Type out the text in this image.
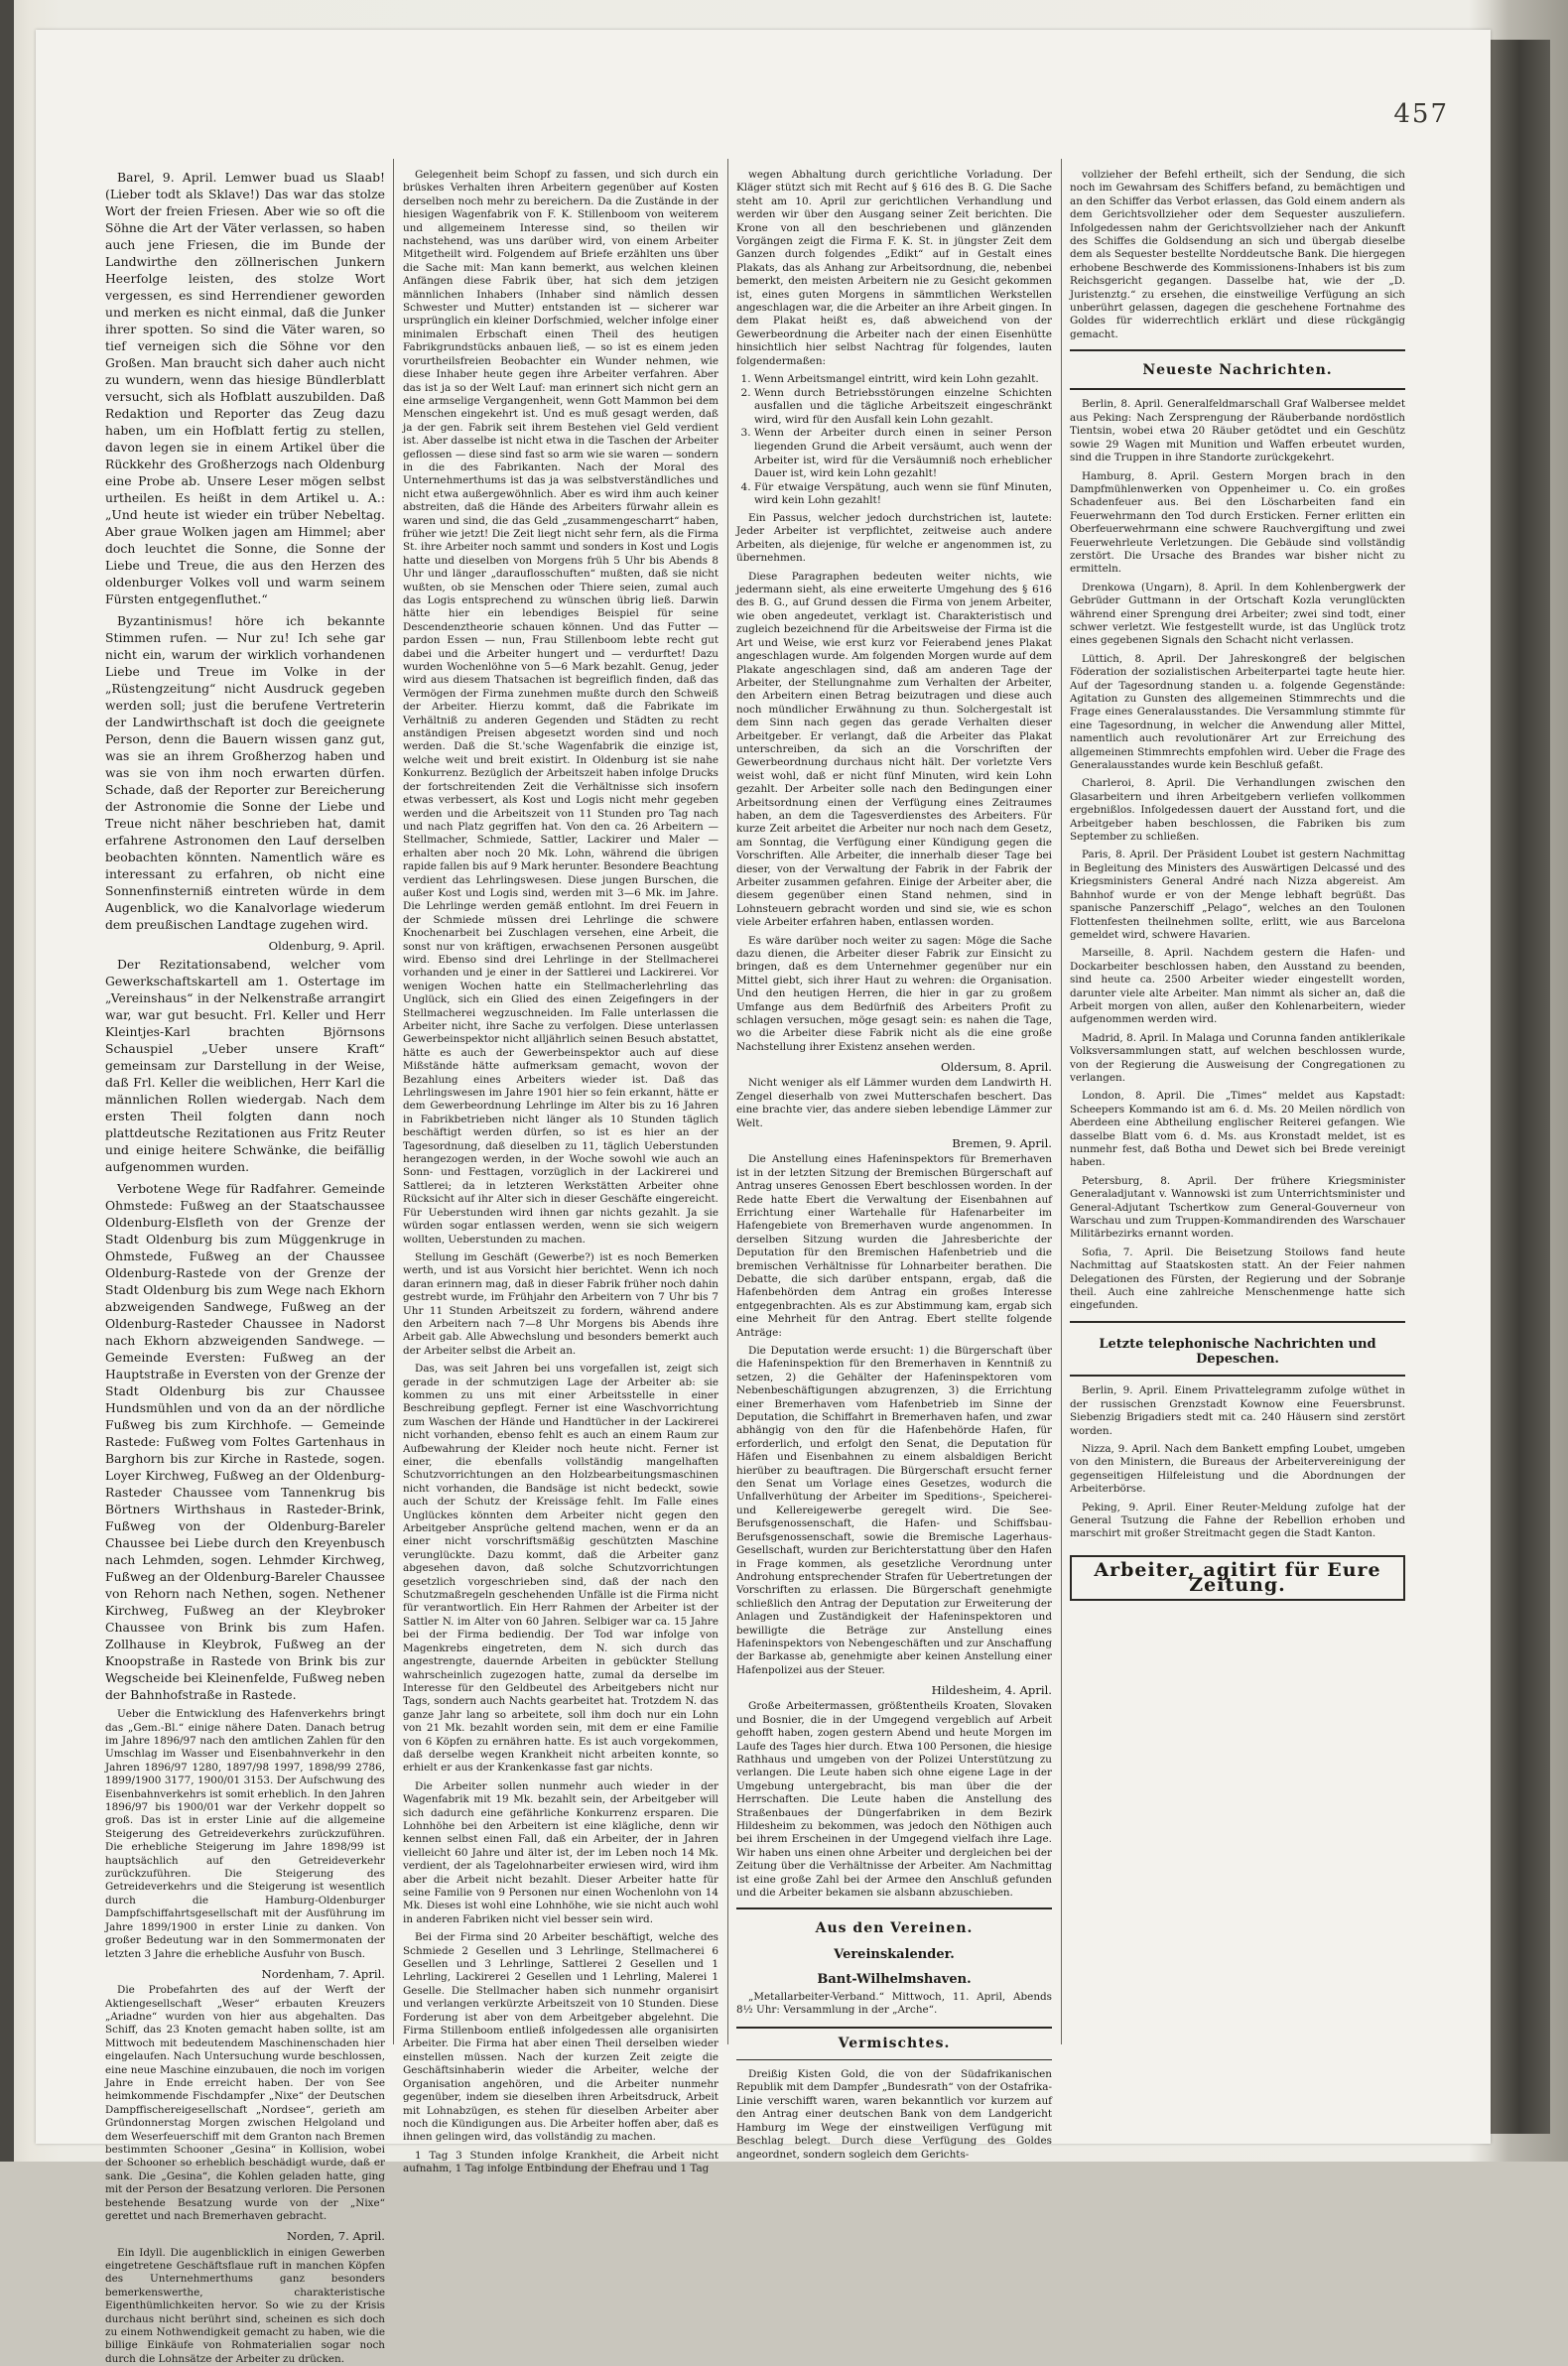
457

Barel, 9. April. Lemwer buad us Slaab! (Lieber todt als Sklave!) Das war das stolze Wort der freien Friesen. Aber wie so oft die Söhne die Art der Väter verlassen, so haben auch jene Friesen, die im Bunde der Landwirthe den zöllnerischen Junkern Heerfolge leisten, des stolze Wort vergessen, es sind Herrendiener geworden und merken es nicht einmal, daß die Junker ihrer spotten. So sind die Väter waren, so tief verneigen sich die Söhne vor den Großen. Man braucht sich daher auch nicht zu wundern, wenn das hiesige Bündlerblatt versucht, sich als Hofblatt auszubilden. Daß Redaktion und Reporter das Zeug dazu haben, um ein Hofblatt fertig zu stellen, davon legen sie in einem Artikel über die Rückkehr des Großherzogs nach Oldenburg eine Probe ab. Unsere Leser mögen selbst urtheilen. Es heißt in dem Artikel u. A.: „Und heute ist wieder ein trüber Nebeltag. Aber graue Wolken jagen am Himmel; aber doch leuchtet die Sonne, die Sonne der Liebe und Treue, die aus den Herzen des oldenburger Volkes voll und warm seinem Fürsten entgegenfluthet.“

Byzantinismus! höre ich bekannte Stimmen rufen. — Nur zu! Ich sehe gar nicht ein, warum der wirklich vorhandenen Liebe und Treue im Volke in der „Rüstengzeitung“ nicht Ausdruck gegeben werden soll; just die berufene Vertreterin der Landwirthschaft ist doch die geeignete Person, denn die Bauern wissen ganz gut, was sie an ihrem Großherzog haben und was sie von ihm noch erwarten dürfen. Schade, daß der Reporter zur Bereicherung der Astronomie die Sonne der Liebe und Treue nicht näher beschrieben hat, damit erfahrene Astronomen den Lauf derselben beobachten könnten. Namentlich wäre es interessant zu erfahren, ob nicht eine Sonnenfinsterniß eintreten würde in dem Augenblick, wo die Kanalvorlage wiederum dem preußischen Landtage zugehen wird.

Oldenburg, 9. April.

Der Rezitationsabend, welcher vom Gewerkschaftskartell am 1. Ostertage im „Vereinshaus“ in der Nelkenstraße arrangirt war, war gut besucht. Frl. Keller und Herr Kleintjes-Karl brachten Björnsons Schauspiel „Ueber unsere Kraft“ gemeinsam zur Darstellung in der Weise, daß Frl. Keller die weiblichen, Herr Karl die männlichen Rollen wiedergab. Nach dem ersten Theil folgten dann noch plattdeutsche Rezitationen aus Fritz Reuter und einige heitere Schwänke, die beifällig aufgenommen wurden.

Verbotene Wege für Radfahrer. Gemeinde Ohmstede: Fußweg an der Staatschaussee Oldenburg-Elsfleth von der Grenze der Stadt Oldenburg bis zum Müggenkruge in Ohmstede, Fußweg an der Chaussee Oldenburg-Rastede von der Grenze der Stadt Oldenburg bis zum Wege nach Ekhorn abzweigenden Sandwege, Fußweg an der Oldenburg-Rasteder Chaussee in Nadorst nach Ekhorn abzweigenden Sandwege. — Gemeinde Eversten: Fußweg an der Hauptstraße in Eversten von der Grenze der Stadt Oldenburg bis zur Chaussee Hundsmühlen und von da an der nördliche Fußweg bis zum Kirchhofe. — Gemeinde Rastede: Fußweg vom Foltes Gartenhaus in Barghorn bis zur Kirche in Rastede, sogen. Loyer Kirchweg, Fußweg an der Oldenburg-Rasteder Chaussee vom Tannenkrug bis Börtners Wirthshaus in Rasteder-Brink, Fußweg von der Oldenburg-Bareler Chaussee bei Liebe durch den Kreyenbusch nach Lehmden, sogen. Lehmder Kirchweg, Fußweg an der Oldenburg-Bareler Chaussee von Rehorn nach Nethen, sogen. Nethener Kirchweg, Fußweg an der Kleybroker Chaussee von Brink bis zum Hafen. Zollhause in Kleybrok, Fußweg an der Knoopstraße in Rastede von Brink bis zur Wegscheide bei Kleinenfelde, Fußweg neben der Bahnhofstraße in Rastede.

Ueber die Entwicklung des Hafenverkehrs bringt das „Gem.-Bl.“ einige nähere Daten. Danach betrug im Jahre 1896/97 nach den amtlichen Zahlen für den Umschlag im Wasser und Eisenbahnverkehr in den Jahren 1896/97 1280, 1897/98 1997, 1898/99 2786, 1899/1900 3177, 1900/01 3153. Der Aufschwung des Eisenbahnverkehrs ist somit erheblich. In den Jahren 1896/97 bis 1900/01 war der Verkehr doppelt so groß. Das ist in erster Linie auf die allgemeine Steigerung des Getreideverkehrs zurückzuführen. Die erhebliche Steigerung im Jahre 1898/99 ist hauptsächlich auf den Getreideverkehr zurückzuführen. Die Steigerung des Getreideverkehrs und die Steigerung ist wesentlich durch die Hamburg-Oldenburger Dampfschiffahrtsgesellschaft mit der Ausführung im Jahre 1899/1900 in erster Linie zu danken. Von großer Bedeutung war in den Sommermonaten der letzten 3 Jahre die erhebliche Ausfuhr von Busch.

Nordenham, 7. April.

Die Probefahrten des auf der Werft der Aktiengesellschaft „Weser“ erbauten Kreuzers „Ariadne“ wurden von hier aus abgehalten. Das Schiff, das 23 Knoten gemacht haben sollte, ist am Mittwoch mit bedeutendem Maschinenschaden hier eingelaufen. Nach Untersuchung wurde beschlossen, eine neue Maschine einzubauen, die noch im vorigen Jahre in Ende erreicht haben. Der von See heimkommende Fischdampfer „Nixe“ der Deutschen Dampffischereigesellschaft „Nordsee“, gerieth am Gründonnerstag Morgen zwischen Helgoland und dem Weserfeuerschiff mit dem Granton nach Bremen bestimmten Schooner „Gesina“ in Kollision, wobei der Schooner so erheblich beschädigt wurde, daß er sank. Die „Gesina“, die Kohlen geladen hatte, ging mit der Person der Besatzung verloren. Die Personen bestehende Besatzung wurde von der „Nixe“ gerettet und nach Bremerhaven gebracht.

Norden, 7. April.

Ein Idyll. Die augenblicklich in einigen Gewerben eingetretene Geschäftsflaue ruft in manchen Köpfen des Unternehmerthums ganz besonders bemerkenswerthe, charakteristische Eigenthümlichkeiten hervor. So wie zu der Krisis durchaus nicht berührt sind, scheinen es sich doch zu einem Nothwendigkeit gemacht zu haben, wie die billige Einkäufe von Rohmaterialien sogar noch durch die Lohnsätze der Arbeiter zu drücken.

Gelegenheit beim Schopf zu fassen, und sich durch ein brüskes Verhalten ihren Arbeitern gegenüber auf Kosten derselben noch mehr zu bereichern. Da die Zustände in der hiesigen Wagenfabrik von F. K. Stillenboom von weiterem und allgemeinem Interesse sind, so theilen wir nachstehend, was uns darüber wird, von einem Arbeiter Mitgetheilt wird. Folgendem auf Briefe erzählten uns über die Sache mit: Man kann bemerkt, aus welchen kleinen Anfängen diese Fabrik über, hat sich dem jetzigen männlichen Inhabers (Inhaber sind nämlich dessen Schwester und Mutter) entstanden ist — sicherer war ursprünglich ein kleiner Dorfschmied, welcher infolge einer minimalen Erbschaft einen Theil des heutigen Fabrikgrundstücks anbauen ließ, — so ist es einem jeden vorurtheilsfreien Beobachter ein Wunder nehmen, wie diese Inhaber heute gegen ihre Arbeiter verfahren. Aber das ist ja so der Welt Lauf: man erinnert sich nicht gern an eine armselige Vergangenheit, wenn Gott Mammon bei dem Menschen eingekehrt ist. Und es muß gesagt werden, daß ja der gen. Fabrik seit ihrem Bestehen viel Geld verdient ist. Aber dasselbe ist nicht etwa in die Taschen der Arbeiter geflossen — diese sind fast so arm wie sie waren — sondern in die des Fabrikanten. Nach der Moral des Unternehmerthums ist das ja was selbstverständliches und nicht etwa außergewöhnlich. Aber es wird ihm auch keiner abstreiten, daß die Hände des Arbeiters fürwahr allein es waren und sind, die das Geld „zusammengescharrt“ haben, früher wie jetzt! Die Zeit liegt nicht sehr fern, als die Firma St. ihre Arbeiter noch sammt und sonders in Kost und Logis hatte und dieselben von Morgens früh 5 Uhr bis Abends 8 Uhr und länger „darauflosschuften“ mußten, daß sie nicht wußten, ob sie Menschen oder Thiere seien, zumal auch das Logis entsprechend zu wünschen übrig ließ. Darwin hätte hier ein lebendiges Beispiel für seine Descendenztheorie schauen können. Und das Futter — pardon Essen — nun, Frau Stillenboom lebte recht gut dabei und die Arbeiter hungert und — verdurftet! Dazu wurden Wochenlöhne von 5—6 Mark bezahlt. Genug, jeder wird aus diesem Thatsachen ist begreiflich finden, daß das Vermögen der Firma zunehmen mußte durch den Schweiß der Arbeiter. Hierzu kommt, daß die Fabrikate im Verhältniß zu anderen Gegenden und Städten zu recht anständigen Preisen abgesetzt worden sind und noch werden. Daß die St.'sche Wagenfabrik die einzige ist, welche weit und breit existirt. In Oldenburg ist sie nahe Konkurrenz. Bezüglich der Arbeitszeit haben infolge Drucks der fortschreitenden Zeit die Verhältnisse sich insofern etwas verbessert, als Kost und Logis nicht mehr gegeben werden und die Arbeitszeit von 11 Stunden pro Tag nach und nach Platz gegriffen hat. Von den ca. 26 Arbeitern — Stellmacher, Schmiede, Sattler, Lackirer und Maler — erhalten aber noch 20 Mk. Lohn, während die übrigen rapide fallen bis auf 9 Mark herunter. Besondere Beachtung verdient das Lehrlingswesen. Diese jungen Burschen, die außer Kost und Logis sind, werden mit 3—6 Mk. im Jahre. Die Lehrlinge werden gemäß entlohnt. Im drei Feuern in der Schmiede müssen drei Lehrlinge die schwere Knochenarbeit bei Zuschlagen versehen, eine Arbeit, die sonst nur von kräftigen, erwachsenen Personen ausgeübt wird. Ebenso sind drei Lehrlinge in der Stellmacherei vorhanden und je einer in der Sattlerei und Lackirerei. Vor wenigen Wochen hatte ein Stellmacherlehrling das Unglück, sich ein Glied des einen Zeigefingers in der Stellmacherei wegzuschneiden. Im Falle unterlassen die Arbeiter nicht, ihre Sache zu verfolgen. Diese unterlassen Gewerbeinspektor nicht alljährlich seinen Besuch abstattet, hätte es auch der Gewerbeinspektor auch auf diese Mißstände hätte aufmerksam gemacht, wovon der Bezahlung eines Arbeiters wieder ist. Daß das Lehrlingswesen im Jahre 1901 hier so fein erkannt, hätte er dem Gewerbeordnung Lehrlinge im Alter bis zu 16 Jahren in Fabrikbetrieben nicht länger als 10 Stunden täglich beschäftigt werden dürfen, so ist es hier an der Tagesordnung, daß dieselben zu 11, täglich Ueberstunden herangezogen werden, in der Woche sowohl wie auch an Sonn- und Festtagen, vorzüglich in der Lackirerei und Sattlerei; da in letzteren Werkstätten Arbeiter ohne Rücksicht auf ihr Alter sich in dieser Geschäfte eingereicht. Für Ueberstunden wird ihnen gar nichts gezahlt. Ja sie würden sogar entlassen werden, wenn sie sich weigern wollten, Ueberstunden zu machen.

Stellung im Geschäft (Gewerbe?) ist es noch Bemerken werth, und ist aus Vorsicht hier berichtet. Wenn ich noch daran erinnern mag, daß in dieser Fabrik früher noch dahin gestrebt wurde, im Frühjahr den Arbeitern von 7 Uhr bis 7 Uhr 11 Stunden Arbeitszeit zu fordern, während andere den Arbeitern nach 7—8 Uhr Morgens bis Abends ihre Arbeit gab. Alle Abwechslung und besonders bemerkt auch der Arbeiter selbst die Arbeit an.

Das, was seit Jahren bei uns vorgefallen ist, zeigt sich gerade in der schmutzigen Lage der Arbeiter ab: sie kommen zu uns mit einer Arbeitsstelle in einer Beschreibung gepflegt. Ferner ist eine Waschvorrichtung zum Waschen der Hände und Handtücher in der Lackirerei nicht vorhanden, ebenso fehlt es auch an einem Raum zur Aufbewahrung der Kleider noch heute nicht. Ferner ist einer, die ebenfalls vollständig mangelhaften Schutzvorrichtungen an den Holzbearbeitungsmaschinen nicht vorhanden, die Bandsäge ist nicht bedeckt, sowie auch der Schutz der Kreissäge fehlt. Im Falle eines Unglückes könnten dem Arbeiter nicht gegen den Arbeitgeber Ansprüche geltend machen, wenn er da an einer nicht vorschriftsmäßig geschützten Maschine verunglückte. Dazu kommt, daß die Arbeiter ganz abgesehen davon, daß solche Schutzvorrichtungen gesetzlich vorgeschrieben sind, daß der nach den Schutzmaßregeln geschehenden Unfälle ist die Firma nicht für verantwortlich. Ein Herr Rahmen der Arbeiter ist der Sattler N. im Alter von 60 Jahren. Selbiger war ca. 15 Jahre bei der Firma bediendig. Der Tod war infolge von Magenkrebs eingetreten, dem N. sich durch das angestrengte, dauernde Arbeiten in gebückter Stellung wahrscheinlich zugezogen hatte, zumal da derselbe im Interesse für den Geldbeutel des Arbeitgebers nicht nur Tags, sondern auch Nachts gearbeitet hat. Trotzdem N. das ganze Jahr lang so arbeitete, soll ihm doch nur ein Lohn von 21 Mk. bezahlt worden sein, mit dem er eine Familie von 6 Köpfen zu ernähren hatte. Es ist auch vorgekommen, daß derselbe wegen Krankheit nicht arbeiten konnte, so erhielt er aus der Krankenkasse fast gar nichts.

Die Arbeiter sollen nunmehr auch wieder in der Wagenfabrik mit 19 Mk. bezahlt sein, der Arbeitgeber will sich dadurch eine gefährliche Konkurrenz ersparen. Die Lohnhöhe bei den Arbeitern ist eine klägliche, denn wir kennen selbst einen Fall, daß ein Arbeiter, der in Jahren vielleicht 60 Jahre und älter ist, der im Leben noch 14 Mk. verdient, der als Tagelohnarbeiter erwiesen wird, wird ihm aber die Arbeit nicht bezahlt. Dieser Arbeiter hatte für seine Familie von 9 Personen nur einen Wochenlohn von 14 Mk. Dieses ist wohl eine Lohnhöhe, wie sie nicht auch wohl in anderen Fabriken nicht viel besser sein wird.

Bei der Firma sind 20 Arbeiter beschäftigt, welche des Schmiede 2 Gesellen und 3 Lehrlinge, Stellmacherei 6 Gesellen und 3 Lehrlinge, Sattlerei 2 Gesellen und 1 Lehrling, Lackirerei 2 Gesellen und 1 Lehrling, Malerei 1 Geselle. Die Stellmacher haben sich nunmehr organisirt und verlangen verkürzte Arbeitszeit von 10 Stunden. Diese Forderung ist aber von dem Arbeitgeber abgelehnt. Die Firma Stillenboom entließ infolgedessen alle organisirten Arbeiter. Die Firma hat aber einen Theil derselben wieder einstellen müssen. Nach der kurzen Zeit zeigte die Geschäftsinhaberin wieder die Arbeiter, welche der Organisation angehören, und die Arbeiter nunmehr gegenüber, indem sie dieselben ihren Arbeitsdruck, Arbeit mit Lohnabzügen, es stehen für dieselben Arbeiter aber noch die Kündigungen aus. Die Arbeiter hoffen aber, daß es ihnen gelingen wird, das vollständig zu machen.

1 Tag 3 Stunden infolge Krankheit, die Arbeit nicht aufnahm, 1 Tag infolge Entbindung der Ehefrau und 1 Tag

wegen Abhaltung durch gerichtliche Vorladung. Der Kläger stützt sich mit Recht auf § 616 des B. G. Die Sache steht am 10. April zur gerichtlichen Verhandlung und werden wir über den Ausgang seiner Zeit berichten. Die Krone von all den beschriebenen und glänzenden Vorgängen zeigt die Firma F. K. St. in jüngster Zeit dem Ganzen durch folgendes „Edikt“ auf in Gestalt eines Plakats, das als Anhang zur Arbeitsordnung, die, nebenbei bemerkt, den meisten Arbeitern nie zu Gesicht gekommen ist, eines guten Morgens in sämmtlichen Werkstellen angeschlagen war, die die Arbeiter an ihre Arbeit gingen. In dem Plakat heißt es, daß abweichend von der Gewerbeordnung die Arbeiter nach der einen Eisenhütte hinsichtlich hier selbst Nachtrag für folgendes, lauten folgendermaßen:

1. Wenn Arbeitsmangel eintritt, wird kein Lohn gezahlt.
2. Wenn durch Betriebsstörungen einzelne Schichten ausfallen und die tägliche Arbeitszeit eingeschränkt wird, wird für den Ausfall kein Lohn gezahlt.
3. Wenn der Arbeiter durch einen in seiner Person liegenden Grund die Arbeit versäumt, auch wenn der Arbeiter ist, wird für die Versäumniß noch erheblicher Dauer ist, wird kein Lohn gezahlt!
4. Für etwaige Verspätung, auch wenn sie fünf Minuten, wird kein Lohn gezahlt!

Ein Passus, welcher jedoch durchstrichen ist, lautete: Jeder Arbeiter ist verpflichtet, zeitweise auch andere Arbeiten, als diejenige, für welche er angenommen ist, zu übernehmen.

Diese Paragraphen bedeuten weiter nichts, wie jedermann sieht, als eine erweiterte Umgehung des § 616 des B. G., auf Grund dessen die Firma von jenem Arbeiter, wie oben angedeutet, verklagt ist. Charakteristisch und zugleich bezeichnend für die Arbeitsweise der Firma ist die Art und Weise, wie erst kurz vor Feierabend jenes Plakat angeschlagen wurde. Am folgenden Morgen wurde auf dem Plakate angeschlagen sind, daß am anderen Tage der Arbeiter, der Stellungnahme zum Verhalten der Arbeiter, den Arbeitern einen Betrag beizutragen und diese auch noch mündlicher Erwähnung zu thun. Solchergestalt ist dem Sinn nach gegen das gerade Verhalten dieser Arbeitgeber. Er verlangt, daß die Arbeiter das Plakat unterschreiben, da sich an die Vorschriften der Gewerbeordnung durchaus nicht hält. Der vorletzte Vers weist wohl, daß er nicht fünf Minuten, wird kein Lohn gezahlt. Der Arbeiter solle nach den Bedingungen einer Arbeitsordnung einen der Verfügung eines Zeitraumes haben, an dem die Tagesverdienstes des Arbeiters. Für kurze Zeit arbeitet die Arbeiter nur noch nach dem Gesetz, am Sonntag, die Verfügung einer Kündigung gegen die Vorschriften. Alle Arbeiter, die innerhalb dieser Tage bei dieser, von der Verwaltung der Fabrik in der Fabrik der Arbeiter zusammen gefahren. Einige der Arbeiter aber, die diesem gegenüber einen Stand nehmen, sind in Lohnsteuern gebracht worden und sind sie, wie es schon viele Arbeiter erfahren haben, entlassen worden.

Es wäre darüber noch weiter zu sagen: Möge die Sache dazu dienen, die Arbeiter dieser Fabrik zur Einsicht zu bringen, daß es dem Unternehmer gegenüber nur ein Mittel giebt, sich ihrer Haut zu wehren: die Organisation. Und den heutigen Herren, die hier in gar zu großem Umfange aus dem Bedürfniß des Arbeiters Profit zu schlagen versuchen, möge gesagt sein: es nahen die Tage, wo die Arbeiter diese Fabrik nicht als die eine große Nachstellung ihrer Existenz ansehen werden.

Oldersum, 8. April.

Nicht weniger als elf Lämmer wurden dem Landwirth H. Zengel dieserhalb von zwei Mutterschafen beschert. Das eine brachte vier, das andere sieben lebendige Lämmer zur Welt.

Bremen, 9. April.

Die Anstellung eines Hafeninspektors für Bremerhaven ist in der letzten Sitzung der Bremischen Bürgerschaft auf Antrag unseres Genossen Ebert beschlossen worden. In der Rede hatte Ebert die Verwaltung der Eisenbahnen auf Errichtung einer Wartehalle für Hafenarbeiter im Hafengebiete von Bremerhaven wurde angenommen. In derselben Sitzung wurden die Jahresberichte der Deputation für den Bremischen Hafenbetrieb und die bremischen Verhältnisse für Lohnarbeiter berathen. Die Debatte, die sich darüber entspann, ergab, daß die Hafenbehörden dem Antrag ein großes Interesse entgegenbrachten. Als es zur Abstimmung kam, ergab sich eine Mehrheit für den Antrag. Ebert stellte folgende Anträge:

Die Deputation werde ersucht: 1) die Bürgerschaft über die Hafeninspektion für den Bremerhaven in Kenntniß zu setzen, 2) die Gehälter der Hafeninspektoren vom Nebenbeschäftigungen abzugrenzen, 3) die Errichtung einer Bremerhaven vom Hafenbetrieb im Sinne der Deputation, die Schiffahrt in Bremerhaven hafen, und zwar abhängig von den für die Hafenbehörde Hafen, für erforderlich, und erfolgt den Senat, die Deputation für Häfen und Eisenbahnen zu einem alsbaldigen Bericht hierüber zu beauftragen. Die Bürgerschaft ersucht ferner den Senat um Vorlage eines Gesetzes, wodurch die Unfallverhütung der Arbeiter im Speditions-, Speicherei- und Kellereigewerbe geregelt wird. Die See-Berufsgenossenschaft, die Hafen- und Schiffsbau-Berufsgenossenschaft, sowie die Bremische Lagerhaus-Gesellschaft, wurden zur Berichterstattung über den Hafen in Frage kommen, als gesetzliche Verordnung unter Androhung entsprechender Strafen für Uebertretungen der Vorschriften zu erlassen. Die Bürgerschaft genehmigte schließlich den Antrag der Deputation zur Erweiterung der Anlagen und Zuständigkeit der Hafeninspektoren und bewilligte die Beträge zur Anstellung eines Hafeninspektors von Nebengeschäften und zur Anschaffung der Barkasse ab, genehmigte aber keinen Anstellung einer Hafenpolizei aus der Steuer.

Hildesheim, 4. April.

Große Arbeitermassen, größtentheils Kroaten, Slovaken und Bosnier, die in der Umgegend vergeblich auf Arbeit gehofft haben, zogen gestern Abend und heute Morgen im Laufe des Tages hier durch. Etwa 100 Personen, die hiesige Rathhaus und umgeben von der Polizei Unterstützung zu verlangen. Die Leute haben sich ohne eigene Lage in der Umgebung untergebracht, bis man über die der Herrschaften. Die Leute haben die Anstellung des Straßenbaues der Düngerfabriken in dem Bezirk Hildesheim zu bekommen, was jedoch den Nöthigen auch bei ihrem Erscheinen in der Umgegend vielfach ihre Lage. Wir haben uns einen ohne Arbeiter und dergleichen bei der Zeitung über die Verhältnisse der Arbeiter. Am Nachmittag ist eine große Zahl bei der Armee den Anschluß gefunden und die Arbeiter bekamen sie alsbann abzuschieben.

Aus den Vereinen.
Vereinskalender.
Bant-Wilhelmshaven.

„Metallarbeiter-Verband.“ Mittwoch, 11. April, Abends 8½ Uhr: Versammlung in der „Arche“.

Vermischtes.

Dreißig Kisten Gold, die von der Südafrikanischen Republik mit dem Dampfer „Bundesrath“ von der Ostafrika-Linie verschifft waren, waren bekanntlich vor kurzem auf den Antrag einer deutschen Bank von dem Landgericht Hamburg im Wege der einstweiligen Verfügung mit Beschlag belegt. Durch diese Verfügung des Goldes angeordnet, sondern sogleich dem Gerichts-

vollzieher der Befehl ertheilt, sich der Sendung, die sich noch im Gewahrsam des Schiffers befand, zu bemächtigen und an den Schiffer das Verbot erlassen, das Gold einem andern als dem Gerichtsvollzieher oder dem Sequester auszuliefern. Infolgedessen nahm der Gerichtsvollzieher nach der Ankunft des Schiffes die Goldsendung an sich und übergab dieselbe dem als Sequester bestellte Norddeutsche Bank. Die hiergegen erhobene Beschwerde des Kommissionens-Inhabers ist bis zum Reichsgericht gegangen. Dasselbe hat, wie der „D. Juristenztg.“ zu ersehen, die einstweilige Verfügung an sich unberührt gelassen, dagegen die geschehene Fortnahme des Goldes für widerrechtlich erklärt und diese rückgängig gemacht.

Neueste Nachrichten.

Berlin, 8. April. Generalfeldmarschall Graf Walbersee meldet aus Peking: Nach Zersprengung der Räuberbande nordöstlich Tientsin, wobei etwa 20 Räuber getödtet und ein Geschütz sowie 29 Wagen mit Munition und Waffen erbeutet wurden, sind die Truppen in ihre Standorte zurückgekehrt.

Hamburg, 8. April. Gestern Morgen brach in den Dampfmühlenwerken von Oppenheimer u. Co. ein großes Schadenfeuer aus. Bei den Löscharbeiten fand ein Feuerwehrmann den Tod durch Ersticken. Ferner erlitten ein Oberfeuerwehrmann eine schwere Rauchvergiftung und zwei Feuerwehrleute Verletzungen. Die Gebäude sind vollständig zerstört. Die Ursache des Brandes war bisher nicht zu ermitteln.

Drenkowa (Ungarn), 8. April. In dem Kohlenbergwerk der Gebrüder Guttmann in der Ortschaft Kozla verunglückten während einer Sprengung drei Arbeiter; zwei sind todt, einer schwer verletzt. Wie festgestellt wurde, ist das Unglück trotz eines gegebenen Signals den Schacht nicht verlassen.

Lüttich, 8. April. Der Jahreskongreß der belgischen Föderation der sozialistischen Arbeiterpartei tagte heute hier. Auf der Tagesordnung standen u. a. folgende Gegenstände: Agitation zu Gunsten des allgemeinen Stimmrechts und die Frage eines Generalausstandes. Die Versammlung stimmte für eine Tagesordnung, in welcher die Anwendung aller Mittel, namentlich auch revolutionärer Art zur Erreichung des allgemeinen Stimmrechts empfohlen wird. Ueber die Frage des Generalausstandes wurde kein Beschluß gefaßt.

Charleroi, 8. April. Die Verhandlungen zwischen den Glasarbeitern und ihren Arbeitgebern verliefen vollkommen ergebnißlos. Infolgedessen dauert der Ausstand fort, und die Arbeitgeber haben beschlossen, die Fabriken bis zum September zu schließen.

Paris, 8. April. Der Präsident Loubet ist gestern Nachmittag in Begleitung des Ministers des Auswärtigen Delcassé und des Kriegsministers General André nach Nizza abgereist. Am Bahnhof wurde er von der Menge lebhaft begrüßt. Das spanische Panzerschiff „Pelago“, welches an den Toulonen Flottenfesten theilnehmen sollte, erlitt, wie aus Barcelona gemeldet wird, schwere Havarien.

Marseille, 8. April. Nachdem gestern die Hafen- und Dockarbeiter beschlossen haben, den Ausstand zu beenden, sind heute ca. 2500 Arbeiter wieder eingestellt worden, darunter viele alte Arbeiter. Man nimmt als sicher an, daß die Arbeit morgen von allen, außer den Kohlenarbeitern, wieder aufgenommen werden wird.

Madrid, 8. April. In Malaga und Corunna fanden antiklerikale Volksversammlungen statt, auf welchen beschlossen wurde, von der Regierung die Ausweisung der Congregationen zu verlangen.

London, 8. April. Die „Times“ meldet aus Kapstadt: Scheepers Kommando ist am 6. d. Ms. 20 Meilen nördlich von Aberdeen eine Abtheilung englischer Reiterei gefangen. Wie dasselbe Blatt vom 6. d. Ms. aus Kronstadt meldet, ist es nunmehr fest, daß Botha und Dewet sich bei Brede vereinigt haben.

Petersburg, 8. April. Der frühere Kriegsminister Generaladjutant v. Wannowski ist zum Unterrichtsminister und General-Adjutant Tschertkow zum General-Gouverneur von Warschau und zum Truppen-Kommandirenden des Warschauer Militärbezirks ernannt worden.

Sofia, 7. April. Die Beisetzung Stoilows fand heute Nachmittag auf Staatskosten statt. An der Feier nahmen Delegationen des Fürsten, der Regierung und der Sobranje theil. Auch eine zahlreiche Menschenmenge hatte sich eingefunden.

Letzte telephonische Nachrichten und Depeschen.

Berlin, 9. April. Einem Privattelegramm zufolge wüthet in der russischen Grenzstadt Kownow eine Feuersbrunst. Siebenzig Brigadiers stedt mit ca. 240 Häusern sind zerstört worden.

Nizza, 9. April. Nach dem Bankett empfing Loubet, umgeben von den Ministern, die Bureaus der Arbeitervereinigung der gegenseitigen Hilfeleistung und die Abordnungen der Arbeiterbörse.

Peking, 9. April. Einer Reuter-Meldung zufolge hat der General Tsutzung die Fahne der Rebellion erhoben und marschirt mit großer Streitmacht gegen die Stadt Kanton.

Arbeiter, agitirt für Eure Zeitung.
